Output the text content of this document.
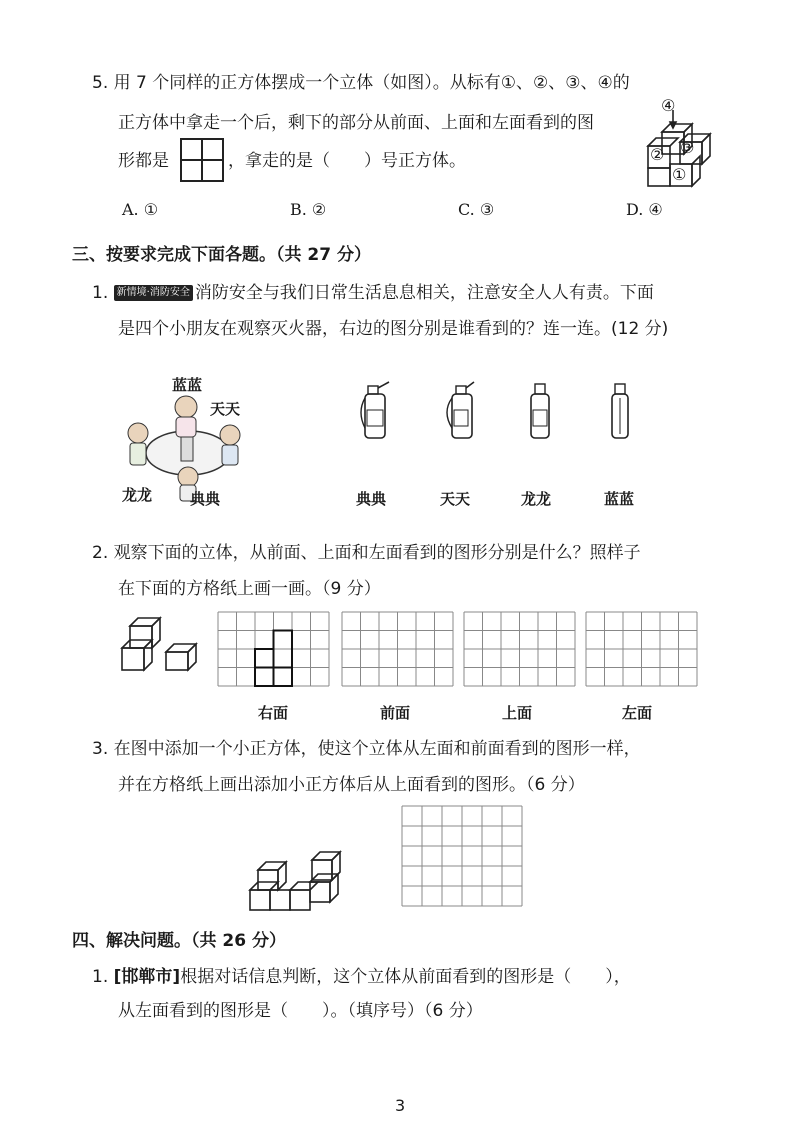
5. 用 7 个同样的正方体摆成一个立体（如图）。从标有①、②、③、④的
正方体中拿走一个后，剩下的部分从前面、上面和左面看到的图
形都是	，拿走的是（　　）号正方体。
④
② ③
①
A. ①	B. ②	C. ③	D. ④
三、按要求完成下面各题。（共 27 分）
1. 新情境·消防安全 消防安全与我们日常生活息息相关，注意安全人人有责。下面
是四个小朋友在观察灭火器，右边的图分别是谁看到的？连一连。(12 分)
蓝蓝
天天
龙龙	典典	典典	天天	龙龙	蓝蓝
2. 观察下面的立体，从前面、上面和左面看到的图形分别是什么？照样子
在下面的方格纸上画一画。（9 分）
右面	前面	上面	左面
3. 在图中添加一个小正方体，使这个立体从左面和前面看到的图形一样，
并在方格纸上画出添加小正方体后从上面看到的图形。（6 分）
四、解决问题。（共 26 分）
1. [邯郸市]根据对话信息判断，这个立体从前面看到的图形是（　　），
从左面看到的图形是（　　）。（填序号）（6 分）
3
